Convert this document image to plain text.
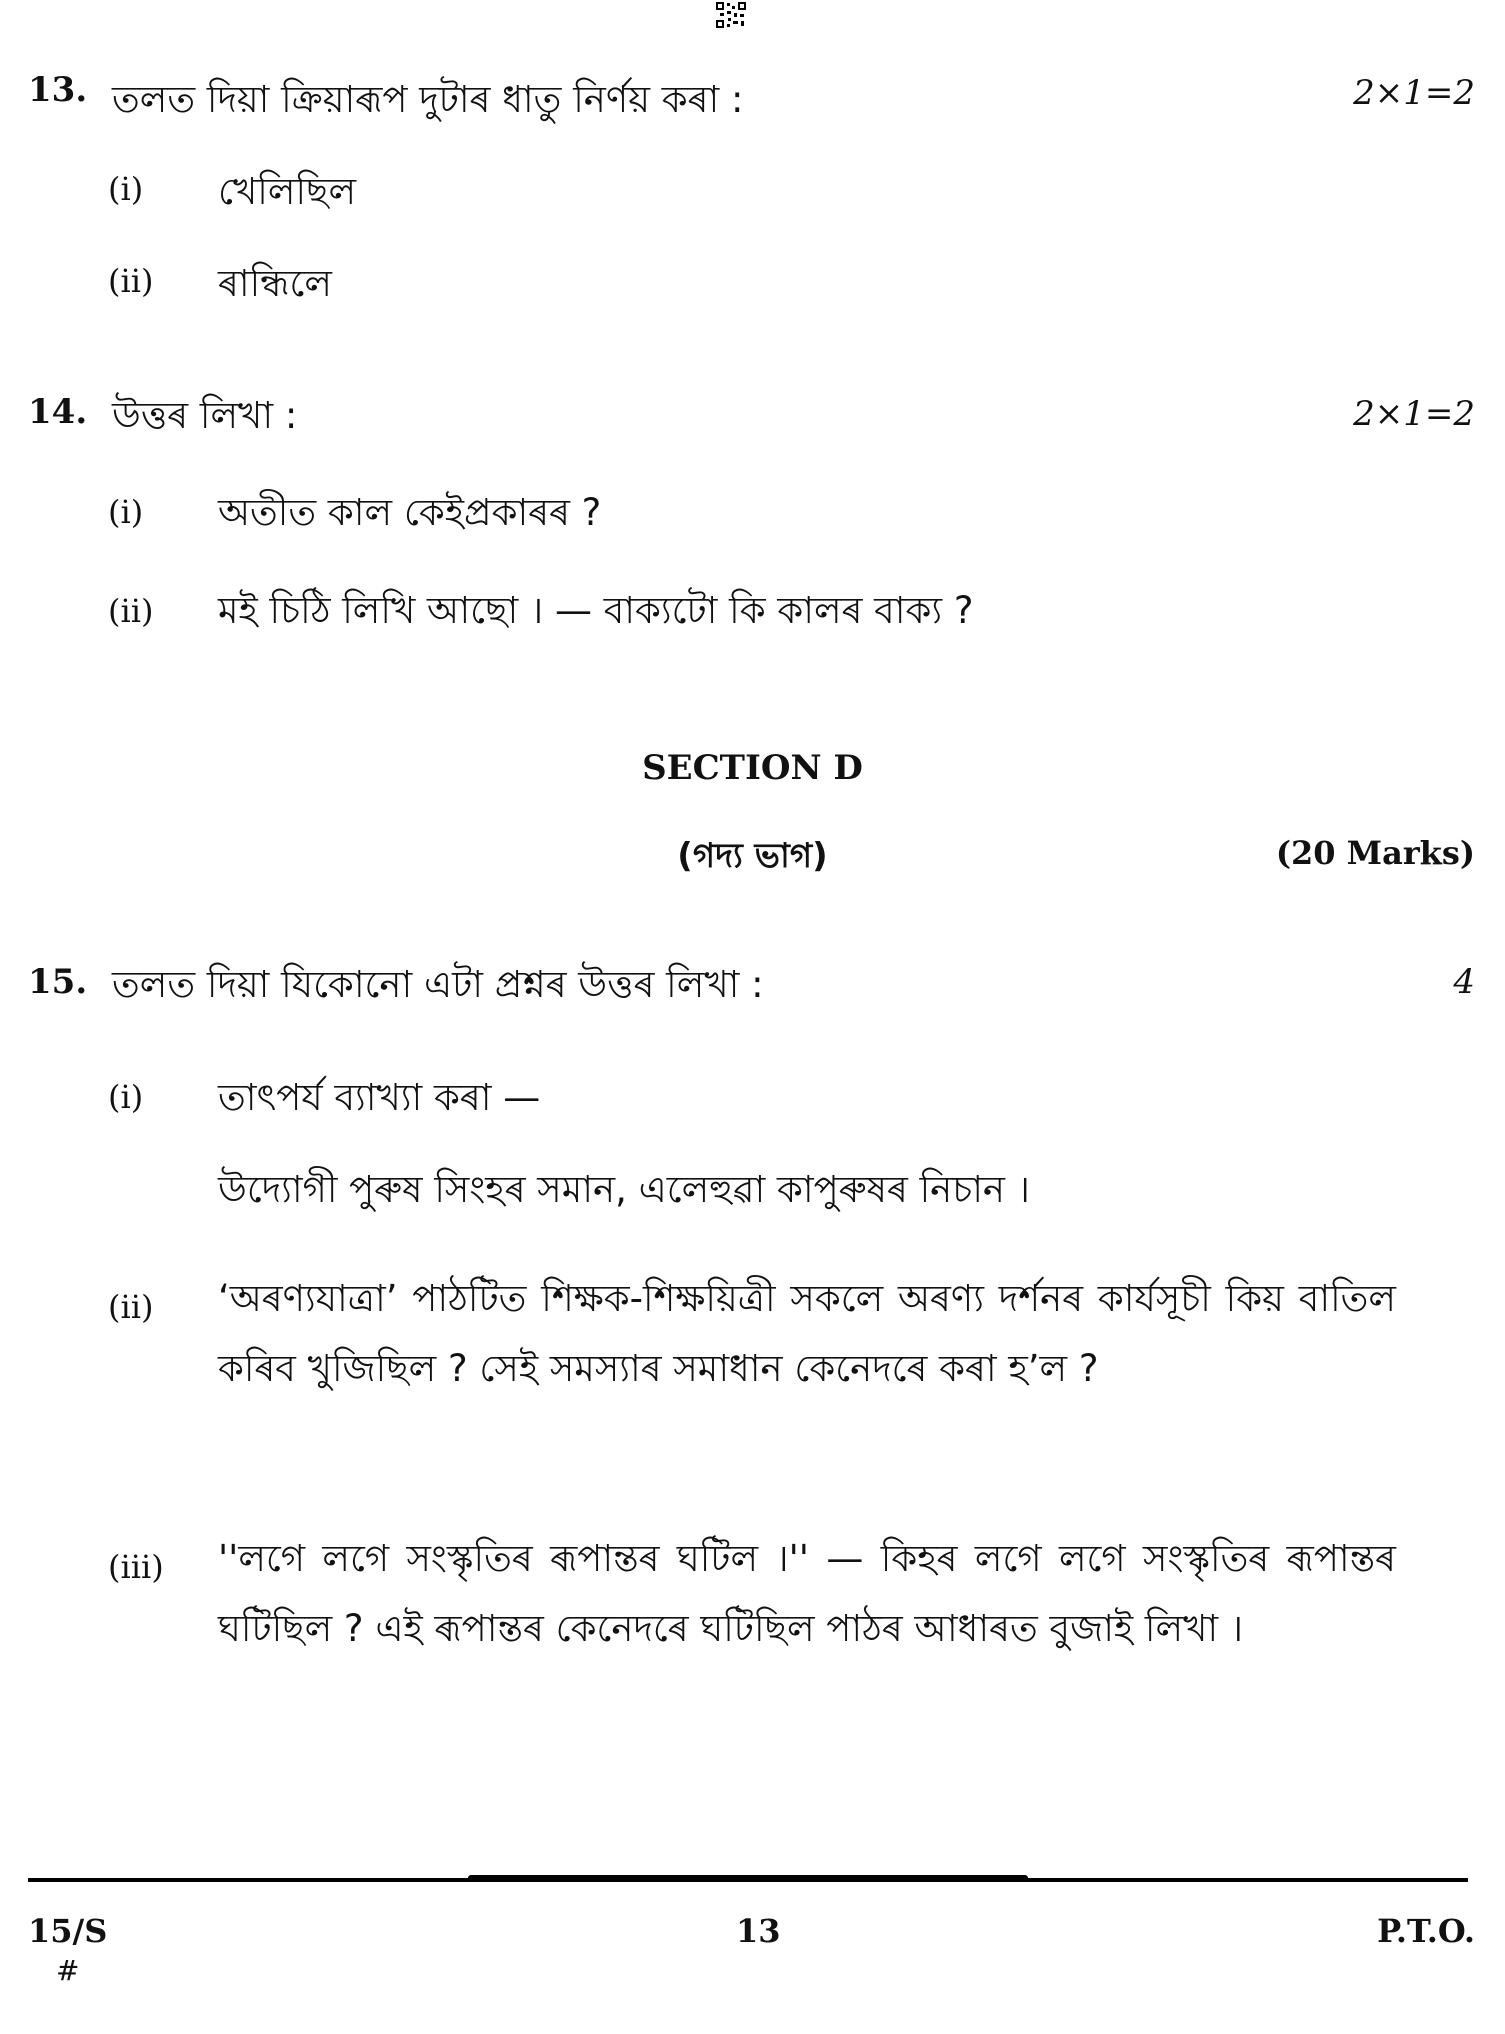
13. তলত দিয়া ক্ৰিয়াৰূপ দুটাৰ ধাতু নিৰ্ণয় কৰা :	2×1=2
(i) খেলিছিল
(ii) ৰান্ধিলে
14. উত্তৰ লিখা :	2×1=2
(i) অতীত কাল কেইপ্ৰকাৰৰ ?
(ii) মই চিঠি লিখি আছো । — বাক্যটো কি কালৰ বাক্য ?
SECTION D
(গদ্য ভাগ)	(20 Marks)
15. তলত দিয়া যিকোনো এটা প্ৰশ্নৰ উত্তৰ লিখা :	4
(i) তাৎপৰ্য ব্যাখ্যা কৰা —
উদ্যোগী পুৰুষ সিংহৰ সমান, এলেহুৱা কাপুৰুষৰ নিচান ।
(ii) ‘অৰণ্যযাত্ৰা’ পাঠটিত শিক্ষক-শিক্ষয়িত্ৰী সকলে অৰণ্য দৰ্শনৰ কাৰ্যসূচী কিয় বাতিল কৰিব খুজিছিল ? সেই সমস্যাৰ সমাধান কেনেদৰে কৰা হ’ল ?
(iii) ''লগে লগে সংস্কৃতিৰ ৰূপান্তৰ ঘটিল ।'' — কিহৰ লগে লগে সংস্কৃতিৰ ৰূপান্তৰ ঘটিছিল ? এই ৰূপান্তৰ কেনেদৰে ঘটিছিল পাঠৰ আধাৰত বুজাই লিখা ।
15/S	13	P.T.O.
#
